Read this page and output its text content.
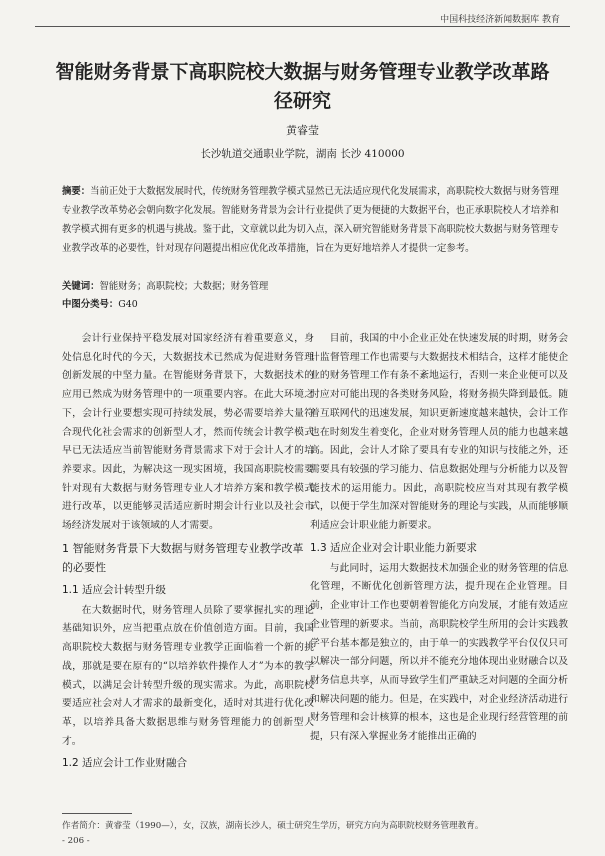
中国科技经济新闻数据库 教育
智能财务背景下高职院校大数据与财务管理专业教学改革路径研究
黄睿莹
长沙轨道交通职业学院，湖南 长沙 410000
摘要：当前正处于大数据发展时代，传统财务管理教学模式显然已无法适应现代化发展需求，高职院校大数据与财务管理专业教学改革势必会朝向数字化发展。智能财务背景为会计行业提供了更为便捷的大数据平台，也正承职院校人才培养和教学模式拥有更多的机遇与挑战。鉴于此，文章就以此为切入点，深入研究智能财务背景下高职院校大数据与财务管理专业教学改革的必要性，针对现存问题提出相应优化改革措施，旨在为更好地培养人才提供一定参考。
关键词：智能财务；高职院校；大数据；财务管理
中图分类号：G40

会计行业保持平稳发展对国家经济有着重要意义，身处信息化时代的今天，大数据技术已然成为促进财务管理创新发展的中坚力量。在智能财务背景下，大数据技术的应用已然成为财务管理中的一项重要内容。在此大环境之下，会计行业要想实现可持续发展，势必需要培养大量符合现代化社会需求的创新型人才，然而传统会计教学模式早已无法适应当前智能财务背景需求下对于会计人才的培养要求。因此，为解决这一现实困境，我国高职院校需要针对现有大数据与财务管理专业人才培养方案和教学模式进行改革，以更能够灵活适应新时期会计行业以及社会市场经济发展对于该领域的人才需要。

1 智能财务背景下大数据与财务管理专业教学改革的必要性
1.1 适应会计转型升级

在大数据时代，财务管理人员除了要掌握扎实的理论基础知识外，应当把重点放在价值创造方面。目前，我国高职院校大数据与财务管理专业教学正面临着一个新的挑战，那就是要在原有的“以培养软件操作人才”为本的教学模式，以满足会计转型升级的现实需求。为此，高职院校要适应社会对人才需求的最新变化，适时对其进行优化改革，以培养具备大数据思维与财务管理能力的创新型人才。

1.2 适应会计工作业财融合

目前，我国的中小企业正处在快速发展的时期，财务会计监督管理工作也需要与大数据技术相结合，这样才能使企业的财务管理工作有条不紊地运行，否则一来企业便可以及时应对可能出现的各类财务风险，将财务损失降到最低。随着互联网代的迅速发展，知识更新速度越来越快，会计工作也在时刻发生着变化，企业对财务管理人员的能力也越来越高。因此，会计人才除了要具有专业的知识与技能之外，还需要具有较强的学习能力、信息数据处理与分析能力以及智能技术的运用能力。因此，高职院校应当对其现有教学模式，以便于学生加深对智能财务的理论与实践，从而能够顺利适应会计职业能力新要求。

1.3 适应企业对会计职业能力新要求

与此同时，运用大数据技术加强企业的财务管理的信息化管理，不断优化创新管理方法，提升现在企业管理。目前，企业审计工作也要朝着智能化方向发展，才能有效适应企业管理的新要求。当前，高职院校学生所用的会计实践教学平台基本都是独立的，由于单一的实践教学平台仅仅只可以解决一部分问题，所以并不能充分地体现出业财融合以及财务信息共享，从而导致学生们严重缺乏对问题的全面分析和解决问题的能力。但是，在实践中，对企业经济活动进行财务管理和会计核算的根本，这也是企业现行经营管理的前提，只有深入掌握业务才能推出正确的

作者简介：黄睿莹（1990—），女，汉族，湖南长沙人，硕士研究生学历，研究方向为高职院校财务管理教育。
- 206 -
